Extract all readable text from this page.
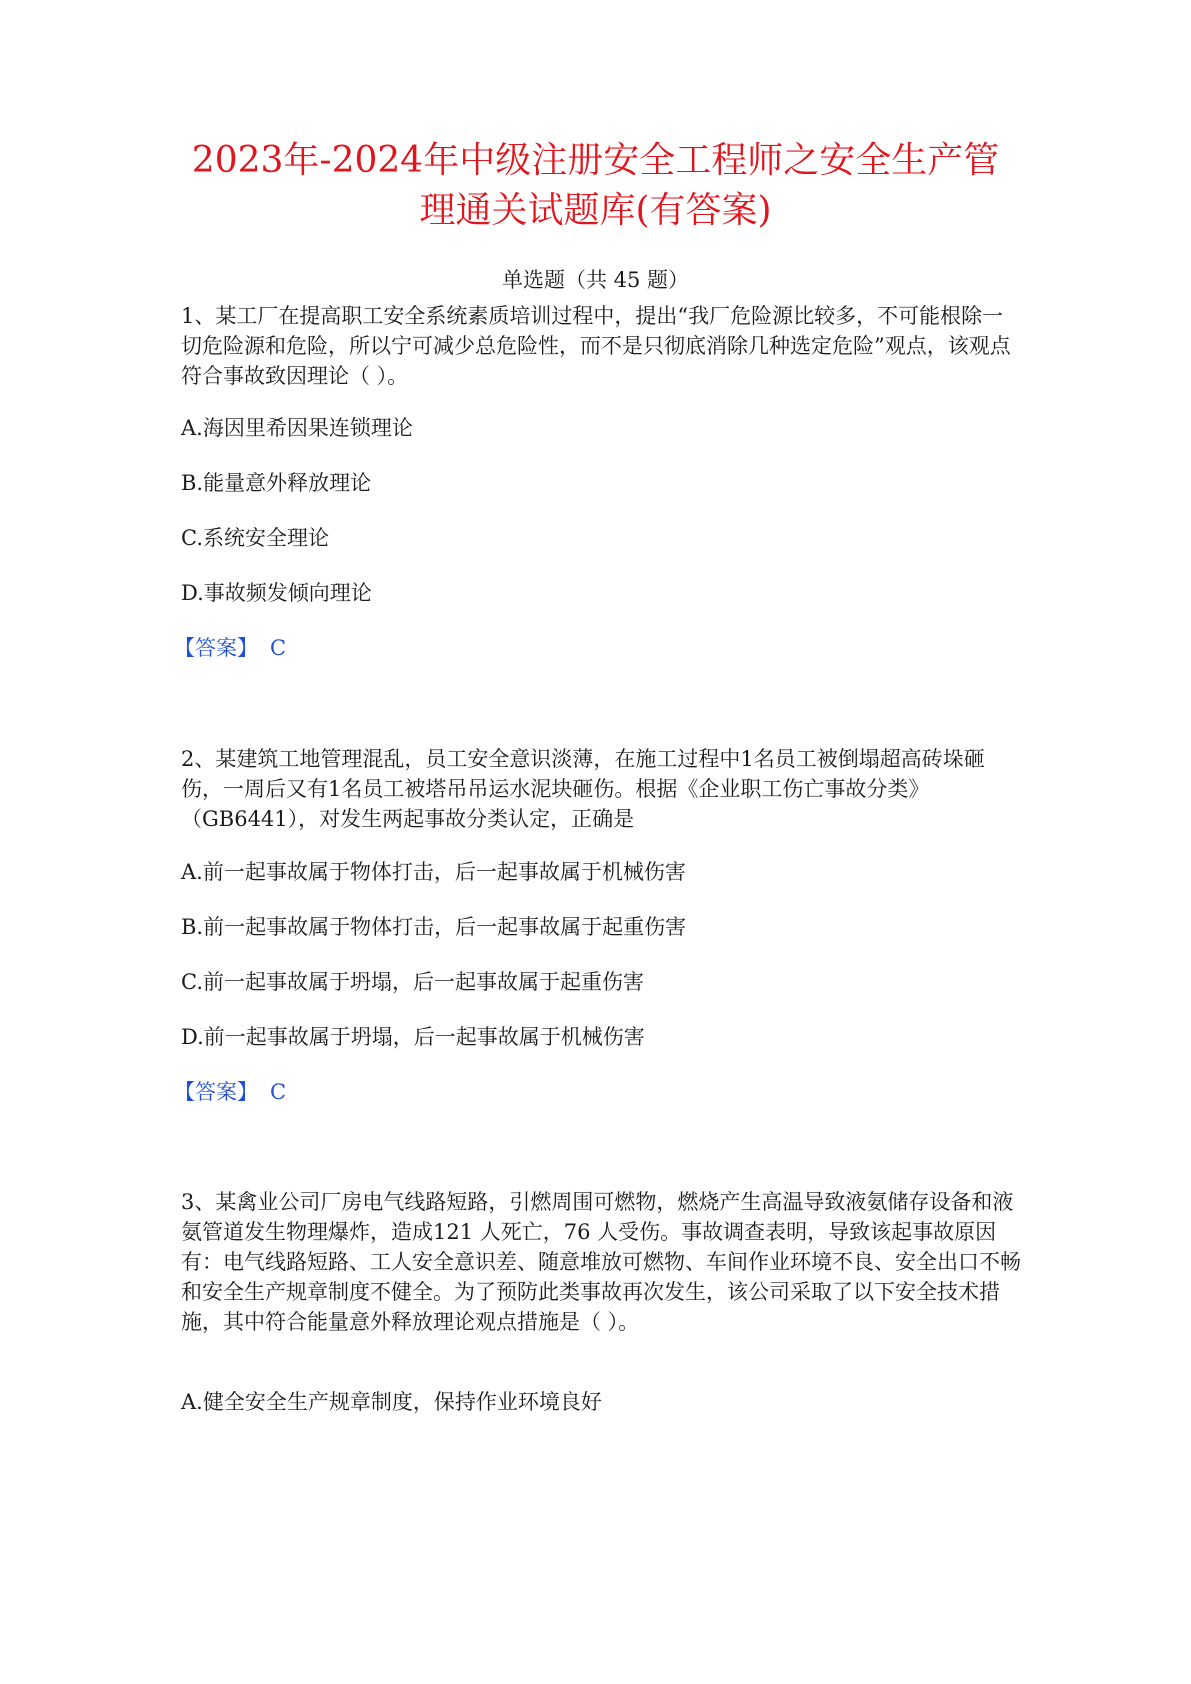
2023年-2024年中级注册安全工程师之安全生产管
理通关试题库(有答案)
单选题（共 45 题）

1、某工厂在提高职工安全系统素质培训过程中，提出“我厂危险源比较多，不可能根除一切危险源和危险，所以宁可减少总危险性，而不是只彻底消除几种选定危险”观点，该观点符合事故致因理论（ ）。

A.海因里希因果连锁理论

B.能量意外释放理论

C.系统安全理论

D.事故频发倾向理论

【答案】 C

2、某建筑工地管理混乱，员工安全意识淡薄，在施工过程中1名员工被倒塌超高砖垛砸伤，一周后又有1名员工被塔吊吊运水泥块砸伤。根据《企业职工伤亡事故分类》（GB6441），对发生两起事故分类认定，正确是

A.前一起事故属于物体打击，后一起事故属于机械伤害

B.前一起事故属于物体打击，后一起事故属于起重伤害

C.前一起事故属于坍塌，后一起事故属于起重伤害

D.前一起事故属于坍塌，后一起事故属于机械伤害

【答案】 C

3、某禽业公司厂房电气线路短路，引燃周围可燃物，燃烧产生高温导致液氨储存设备和液氨管道发生物理爆炸，造成121 人死亡，76 人受伤。事故调查表明，导致该起事故原因有：电气线路短路、工人安全意识差、随意堆放可燃物、车间作业环境不良、安全出口不畅和安全生产规章制度不健全。为了预防此类事故再次发生，该公司采取了以下安全技术措施，其中符合能量意外释放理论观点措施是（ ）。

A.健全安全生产规章制度，保持作业环境良好
